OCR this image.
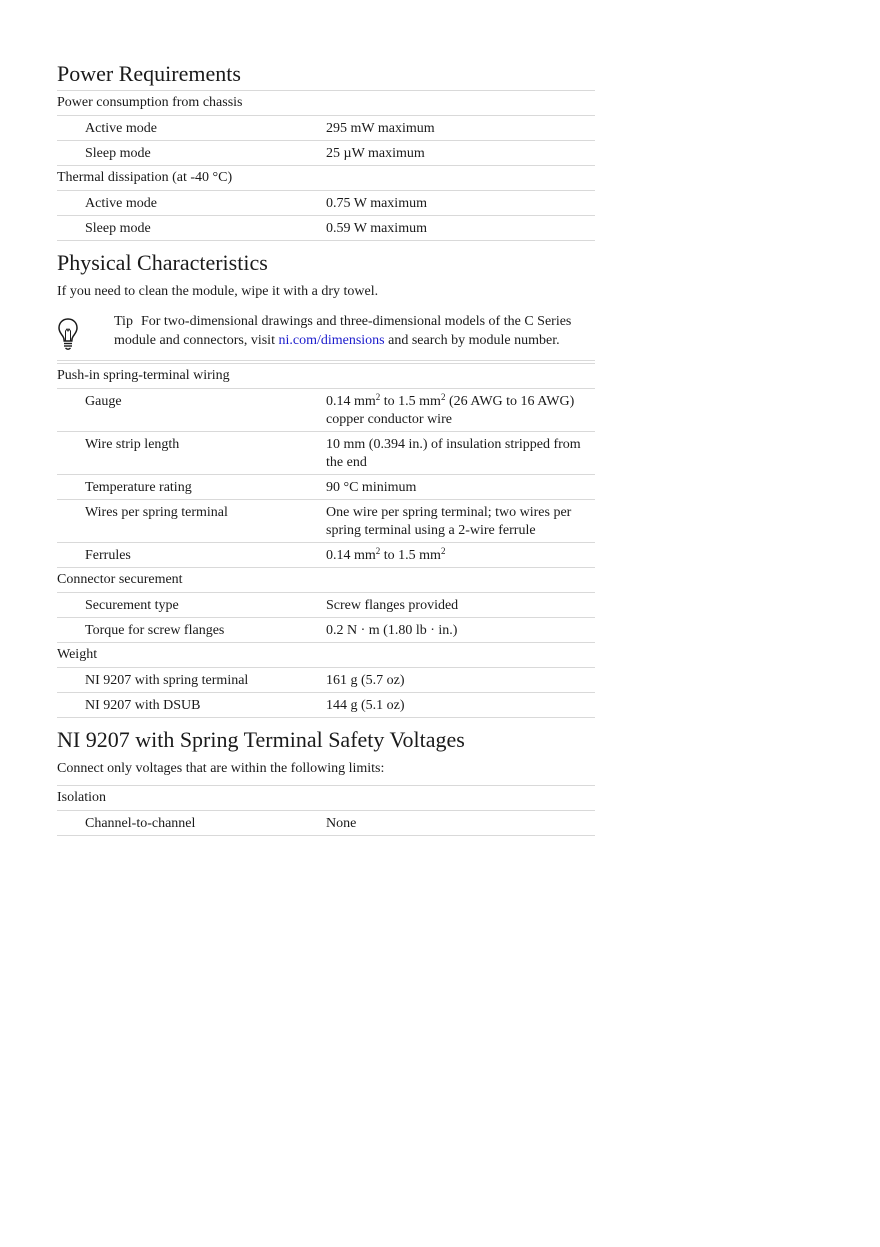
Power Requirements
Power consumption from chassis	
Active mode	295 mW maximum
Sleep mode	25 µW maximum
Thermal dissipation (at -40 °C)	
Active mode	0.75 W maximum
Sleep mode	0.59 W maximum
Physical Characteristics

If you need to clean the module, wipe it with a dry towel.

Tip For two-dimensional drawings and three-dimensional models of the C Series module and connectors, visit ni.com/dimensions and search by module number.
Push-in spring-terminal wiring	
Gauge	0.14 $mm^2$ to 1.5 $mm^2$ (26 AWG to 16 AWG) copper conductor wire
Wire strip length	10 mm (0.394 in.) of insulation stripped from the end
Temperature rating	90 °C minimum
Wires per spring terminal	One wire per spring terminal; two wires per spring terminal using a 2-wire ferrule
Ferrules	0.14 $mm^2$ to 1.5 $mm^2$
Connector securement	
Securement type	Screw flanges provided
Torque for screw flanges	0.2 N · m (1.80 lb · in.)
Weight	
NI 9207 with spring terminal	161 g (5.7 oz)
NI 9207 with DSUB	144 g (5.1 oz)
NI 9207 with Spring Terminal Safety Voltages

Connect only voltages that are within the following limits:

Isolation
Channel-to-channel	None
